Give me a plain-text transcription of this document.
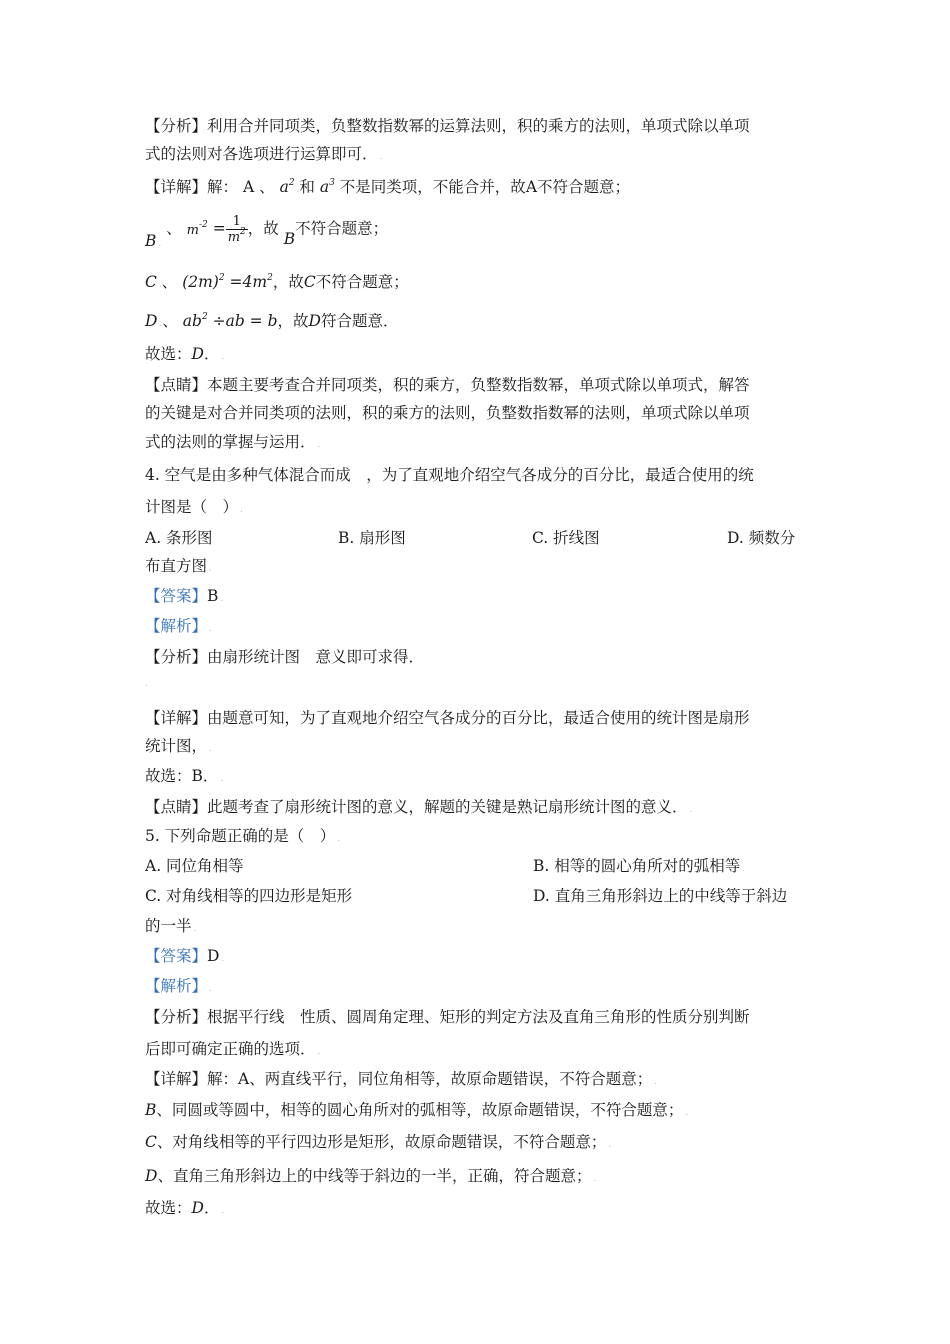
【分析】利用合并同项类，负整数指数幂的运算法则，积的乘方的法则，单项式除以单项
式的法则对各选项进行运算即可． .
【详解】解： A 、 $a^2$.和 $a^3$ 不是同类项，不能合并，故A不符合题意；
B $_.$ 、 $m^{-2} = \frac{1}{m^2}$ ，故 B不符合题意；
C .、 $(2m)^2 =4m^2$，故C不符合题意；
D .、 $ab^2 \div ab = b$，故D符合题意．
故选：D． .
【点睛】本题主要考查合并同项类，积的乘方，负整数指数幂，单项式除以单项式，解答
的关键是对合并同类项的法则，积的乘方的法则，负整数指数幂的法则，单项式除以单项
式的法则的掌握与运用． .
4. 空气是由多种气体混合而成　，为了直观地介绍空气各成分的百分比，最适合使用的统
计图是（　） .
A. 条形图	B. 扇形图	C. 折线图	D. 频数分
布直方图 .
【答案】B .
【解析】 .
【分析】由扇形统计图　意义即可求得．
.
【详解】由题意可知，为了直观地介绍空气各成分的百分比，最适合使用的统计图是扇形
统计图， .
故选：B． .
【点睛】此题考查了扇形统计图的意义，解题的关键是熟记扇形统计图的意义． .
5. 下列命题正确的是（　） .
A. 同位角相等	B. 相等的圆心角所对的弧相等 .
C. 对角线相等的四边形是矩形	D. 直角三角形斜边上的中线等于斜边
的一半 .
【答案】D .
【解析】 .
【分析】根据平行线　性质、圆周角定理、矩形的判定方法及直角三角形的性质分别判断
后即可确定正确的选项． .
【详解】解：A、两直线平行，同位角相等，故原命题错误，不符合题意； .
B、同圆或等圆中，相等的圆心角所对的弧相等，故原命题错误，不符合题意； .
C、对角线相等的平行四边形是矩形，故原命题错误，不符合题意； .
D、直角三角形斜边上的中线等于斜边的一半，正确，符合题意； .
故选：D． .
